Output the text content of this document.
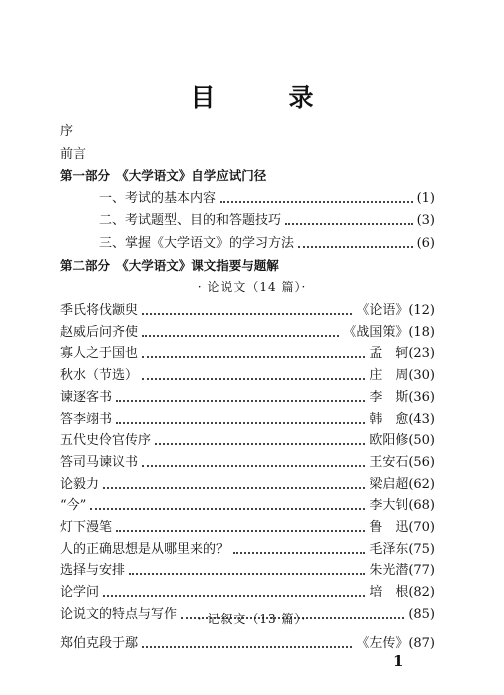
目　录
序
前言
第一部分　《大学语文》自学应试门径
一、考试的基本内容	(1)
二、考试题型、目的和答题技巧	(3)
三、掌握《大学语文》的学习方法	(6)
第二部分　《大学语文》课文指要与题解
· 论说文（14 篇）·
季氏将伐颛臾	《论语》(12)
赵威后问齐使	《战国策》(18)
寡人之于国也	孟　轲(23)
秋水（节选）	庄　周(30)
谏逐客书	李　斯(36)
答李翊书	韩　愈(43)
五代史伶官传序	欧阳修(50)
答司马谏议书	王安石(56)
论毅力	梁启超(62)
“今”	李大钊(68)
灯下漫笔	鲁　迅(70)
人的正确思想是从哪里来的？	毛泽东(75)
选择与安排	朱光潜(77)
论学问	培　根(82)
论说文的特点与写作	(85)
· 记叙文（13 篇）·
郑伯克段于鄢	《左传》(87)
1
